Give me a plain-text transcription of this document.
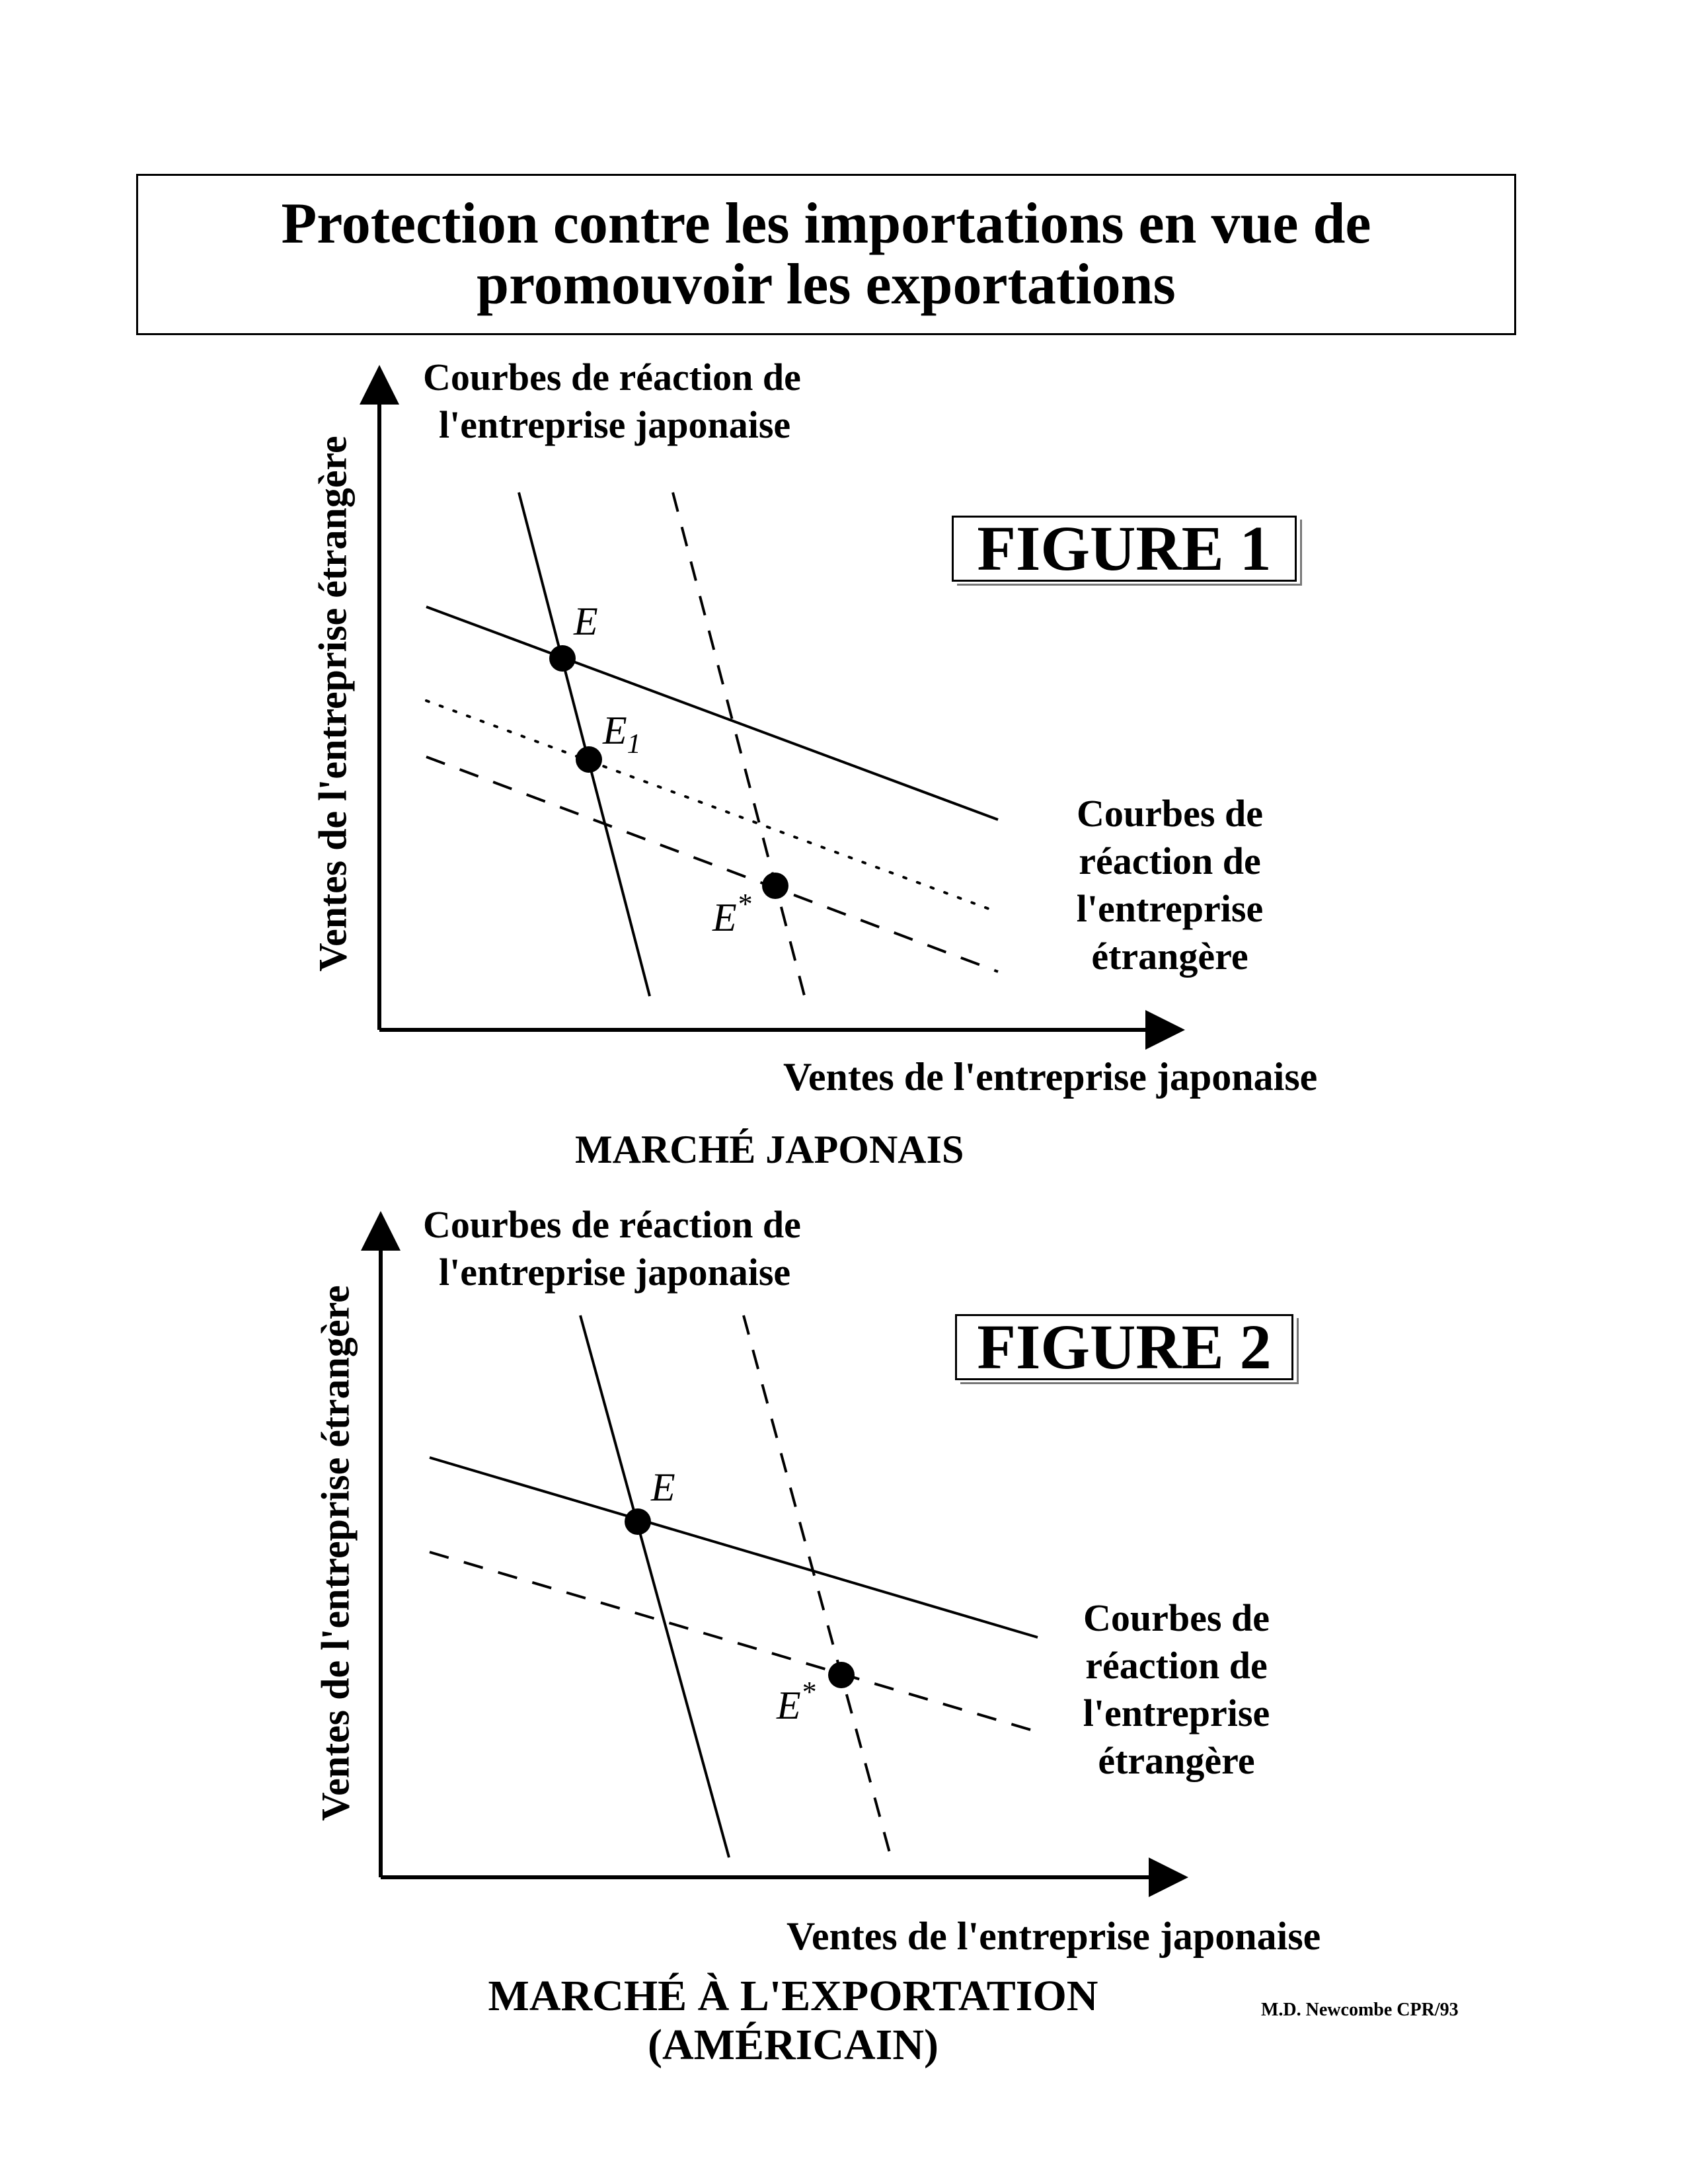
Protection contre les importations en vue de
promouvoir les exportations
Courbes de réaction de
l'entreprise japonaise
FIGURE 1
Ventes de l'entreprise étrangère	Courbes de
réaction de
l'entreprise
étrangère
Ventes de l'entreprise japonaise
MARCHÉ JAPONAIS
Courbes de réaction de
l'entreprise japonaise
FIGURE 2
Ventes de l'entreprise étrangère	Courbes de
réaction de
l'entreprise
étrangère
Ventes de l'entreprise japonaise
MARCHÉ À L'EXPORTATION
(AMÉRICAIN)
M.D. Newcombe CPR/93
E
$E_1$
E*
E
E*
